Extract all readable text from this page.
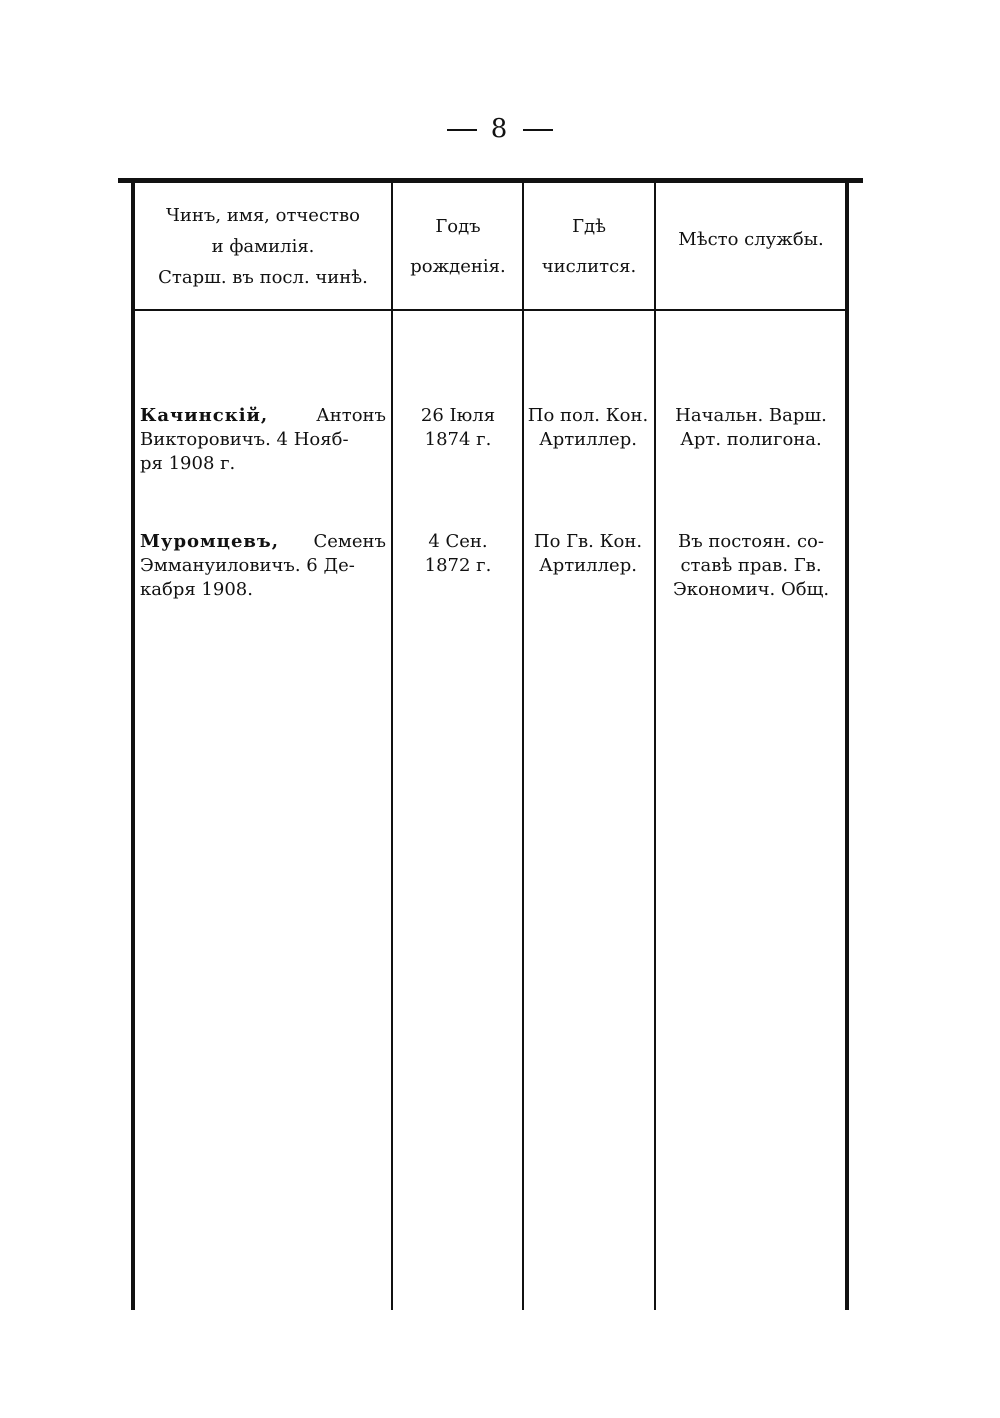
8
Чинъ, имя, отчество
и фамилія.
Старш. въ посл. чинѣ.
Годъ
рожденія.
Гдѣ
числится.
Мѣсто службы.
Качинскій,	Антонъ
Викторовичъ. 4 Нояб-
ря 1908 г.
26 Іюля
1874 г.
По пол. Кон.
Артиллер.
Начальн. Варш.
Арт. полигона.
Муромцевъ, Семенъ
Эммануиловичъ. 6 Де-
кабря 1908.
4 Сен.
1872 г.
По Гв. Кон.
Артиллер.
Въ постоян. со-
ставѣ прав. Гв.
Экономич. Общ.
